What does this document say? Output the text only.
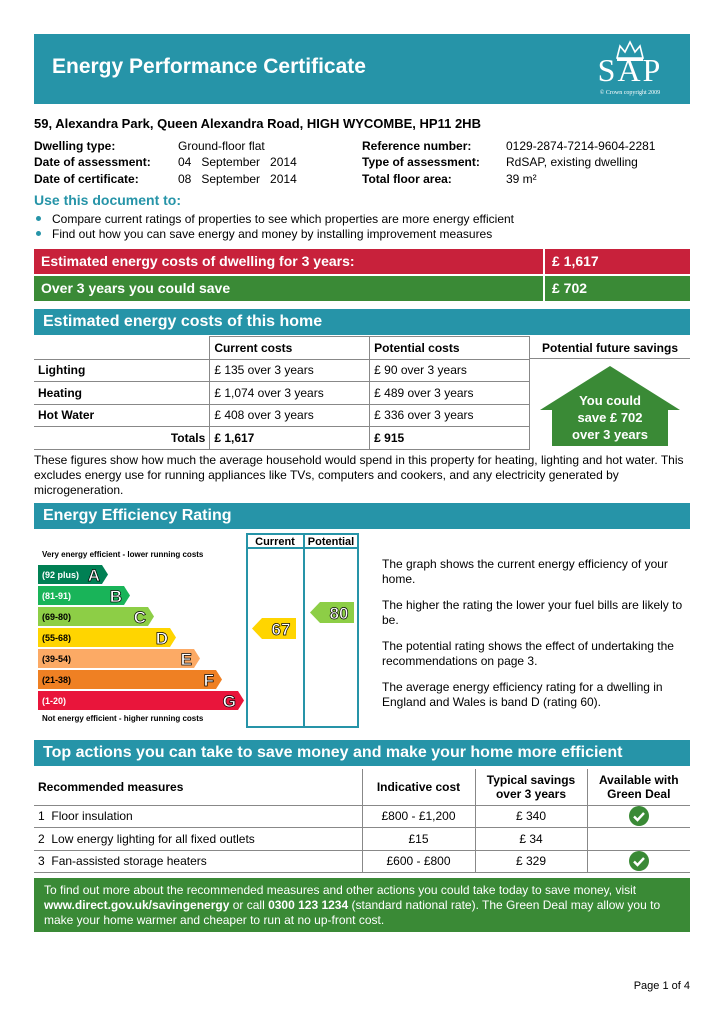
Energy Performance Certificate	SAP
© Crown copyright 2009
59, Alexandra Park, Queen Alexandra Road, HIGH WYCOMBE, HP11 2HB
Dwelling type:	Ground-floor flat
Date of assessment: 04   September   2014
Date of certificate:	08   September   2014
Reference number:	0129-2874-7214-9604-2281
Type of assessment: RdSAP, existing dwelling
Total floor area:	39 m²
Use this document to:
Compare current ratings of properties to see which properties are more energy efficient
Find out how you can save energy and money by installing improvement measures
Estimated energy costs of dwelling for 3 years:	£ 1,617
Over 3 years you could save	£ 702
Estimated energy costs of this home
	Current costs	Potential costs
Lighting	£ 135 over 3 years	£ 90 over 3 years
Heating	£ 1,074 over 3 years	£ 489 over 3 years
Hot Water	£ 408 over 3 years	£ 336 over 3 years
Totals	£ 1,617	£ 915
Potential future savings
You could
save £ 702
over 3 years
These figures show how much the average household would spend in this property for heating, lighting and hot water. This excludes energy use for running appliances like TVs, computers and cookers, and any electricity generated by microgeneration.
Energy Efficiency Rating
Current Potential
Very energy efficient - lower running costs
Not energy efficient - higher running costs
(92 plus) A
(81-91) B
(69-80)	C
(55-68)	D
(39-54)	E
(21-38)	F
(1-20)	G
67
80
The graph shows the current energy efficiency of your home.
The higher the rating the lower your fuel bills are likely to be.
The potential rating shows the effect of undertaking the recommendations on page 3.
The average energy efficiency rating for a dwelling in England and Wales is band D (rating 60).
Top actions you can take to save money and make your home more efficient
Recommended measures	Indicative cost	Typical savings over 3 years	Available with Green Deal
1 Floor insulation	£800 - £1,200	£ 340	
2 Low energy lighting for all fixed outlets	£15	£ 34	
3 Fan-assisted storage heaters	£600 - £800	£ 329	
To find out more about the recommended measures and other actions you could take today to save money, visit www.direct.gov.uk/savingenergy or call 0300 123 1234 (standard national rate). The Green Deal may allow you to make your home warmer and cheaper to run at no up-front cost.
Page 1 of 4
